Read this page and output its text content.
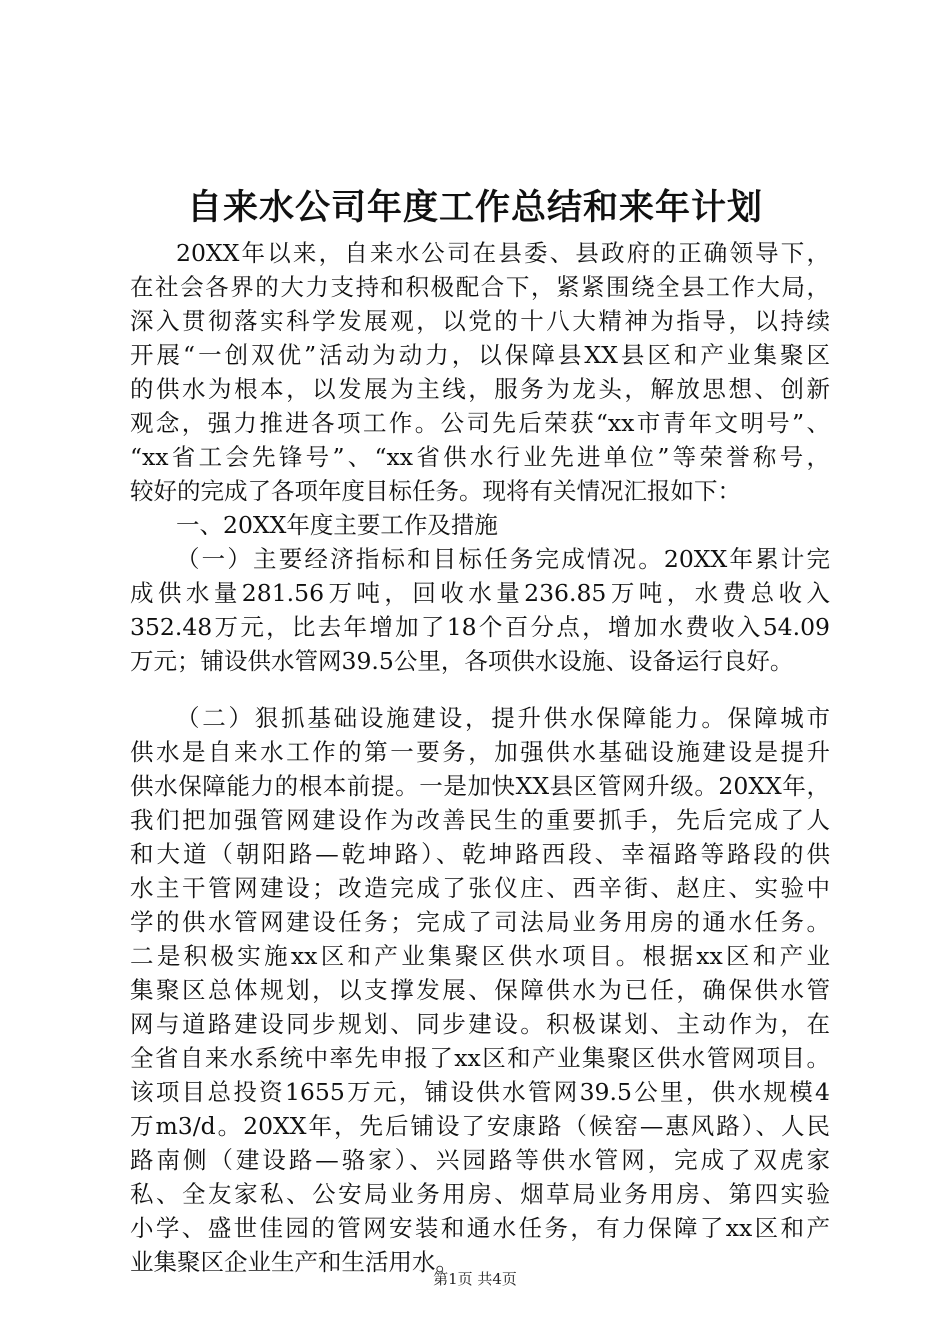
自来水公司年度工作总结和来年计划
20XX年以来，自来水公司在县委、县政府的正确领导下，
在社会各界的大力支持和积极配合下，紧紧围绕全县工作大局，
深入贯彻落实科学发展观，以党的十八大精神为指导，以持续
开展“一创双优”活动为动力，以保障县XX县区和产业集聚区
的供水为根本，以发展为主线，服务为龙头，解放思想、创新
观念，强力推进各项工作。公司先后荣获“xx市青年文明号”、
“xx省工会先锋号”、“xx省供水行业先进单位”等荣誉称号，
较好的完成了各项年度目标任务。现将有关情况汇报如下：
一、20XX年度主要工作及措施
（一）主要经济指标和目标任务完成情况。20XX年累计完
成供水量281.56万吨，回收水量236.85万吨，水费总收入
352.48万元，比去年增加了18个百分点，增加水费收入54.09
万元；铺设供水管网39.5公里，各项供水设施、设备运行良好。
（二）狠抓基础设施建设，提升供水保障能力。保障城市
供水是自来水工作的第一要务，加强供水基础设施建设是提升
供水保障能力的根本前提。一是加快XX县区管网升级。20XX年，
我们把加强管网建设作为改善民生的重要抓手，先后完成了人
和大道（朝阳路—乾坤路）、乾坤路西段、幸福路等路段的供
水主干管网建设；改造完成了张仪庄、西辛街、赵庄、实验中
学的供水管网建设任务；完成了司法局业务用房的通水任务。
二是积极实施xx区和产业集聚区供水项目。根据xx区和产业
集聚区总体规划，以支撑发展、保障供水为已任，确保供水管
网与道路建设同步规划、同步建设。积极谋划、主动作为，在
全省自来水系统中率先申报了xx区和产业集聚区供水管网项目。
该项目总投资1655万元，铺设供水管网39.5公里，供水规模4
万m3/d。20XX年，先后铺设了安康路（候窑—惠风路）、人民
路南侧（建设路—骆家）、兴园路等供水管网，完成了双虎家
私、全友家私、公安局业务用房、烟草局业务用房、第四实验
小学、盛世佳园的管网安装和通水任务，有力保障了xx区和产
业集聚区企业生产和生活用水。
第1页 共4页
